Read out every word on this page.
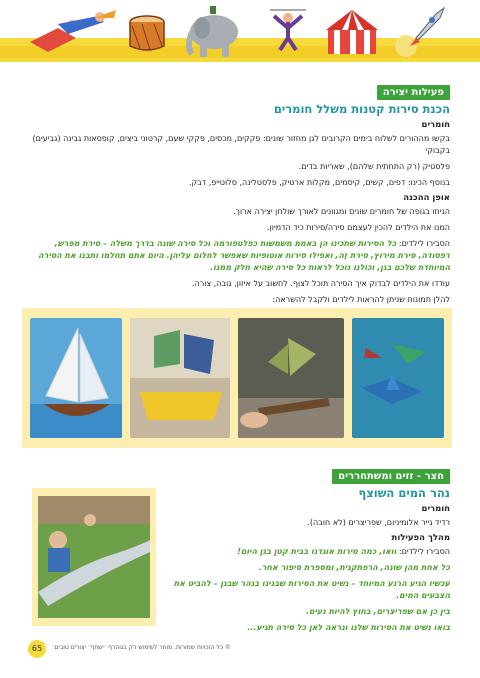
פעילות יצירה
הכנת סירות קטנות משלל חומרים
חומרים

בקשו מההורים לשלוח בימים הקרובים לגן מחזור שונים: פקקים, מכסים, פקקי שעם, קרטוני ביצים, קופסאות גבינה (גביעים) בקבוקי

פלסטיק (רק התחתית שלהם), שאריות בדים.

בנוסף הכינו: דפים, קשים, קיסמים, מקלות ארטיק, פלסטלינה, סלוטייפ, דבק.

אופן ההכנה

הניחו בגופה של חומרים שונים ומגוונים לאורך שולחן יצירה ארוך.

המנו את הילדים להכין לעצמם סירה/סירות כיד הדמיון.

הסבירו לילדים: כל הסירות שתכינו הן באמת משמשות כפלטפורמה וכל סירה שונה בדרך משלה – סירת מפרש, רפסודה, סירת מירוץ, סירת זֶה, ואפילו סירות אוטופיות שאפשר לחלום עליהן. היום אתם תחלמו ותבנו את הסירה המיוחדת שלכם בגן, וכולנו נוכל לראות כל סירה שהיא חלק ממנו.

עודדו את הילדים לבדוק איך הסירה תוכל לצוף. לחשוב על איזון, גובה, צורה.

להלן תמונות שניתן להראות לילדים ולקבל להשראה:

חצר - זזים ומשתחררים
נהר המים השוצף
חומרים

רדיד נייר אלומיניום, שפריצרים (לא חובה).

מהלך הפעילות

הסבירו לילדים: וואו, כמה סירות אוגדנו בבית קטן בגן היום!

כל אחת מהן שונה, הרפתקנית, ומספרת סיפור אחר.

עכשיו הגיע הרגע המיוחד – נשיט את הסירות שבנינו בנהר שבגן – להביט את הצבעים המים.

בין כן אם שפריצרים, בחוץ להיות נעים.

בואו נשיט את הסירות שלנו ונראה לאן כל סירה תגיע...

65	© כל הזכויות שמורות. מותר לשימוש רק בגוהרף ׳ישתף׳ יצורים טובים׳
